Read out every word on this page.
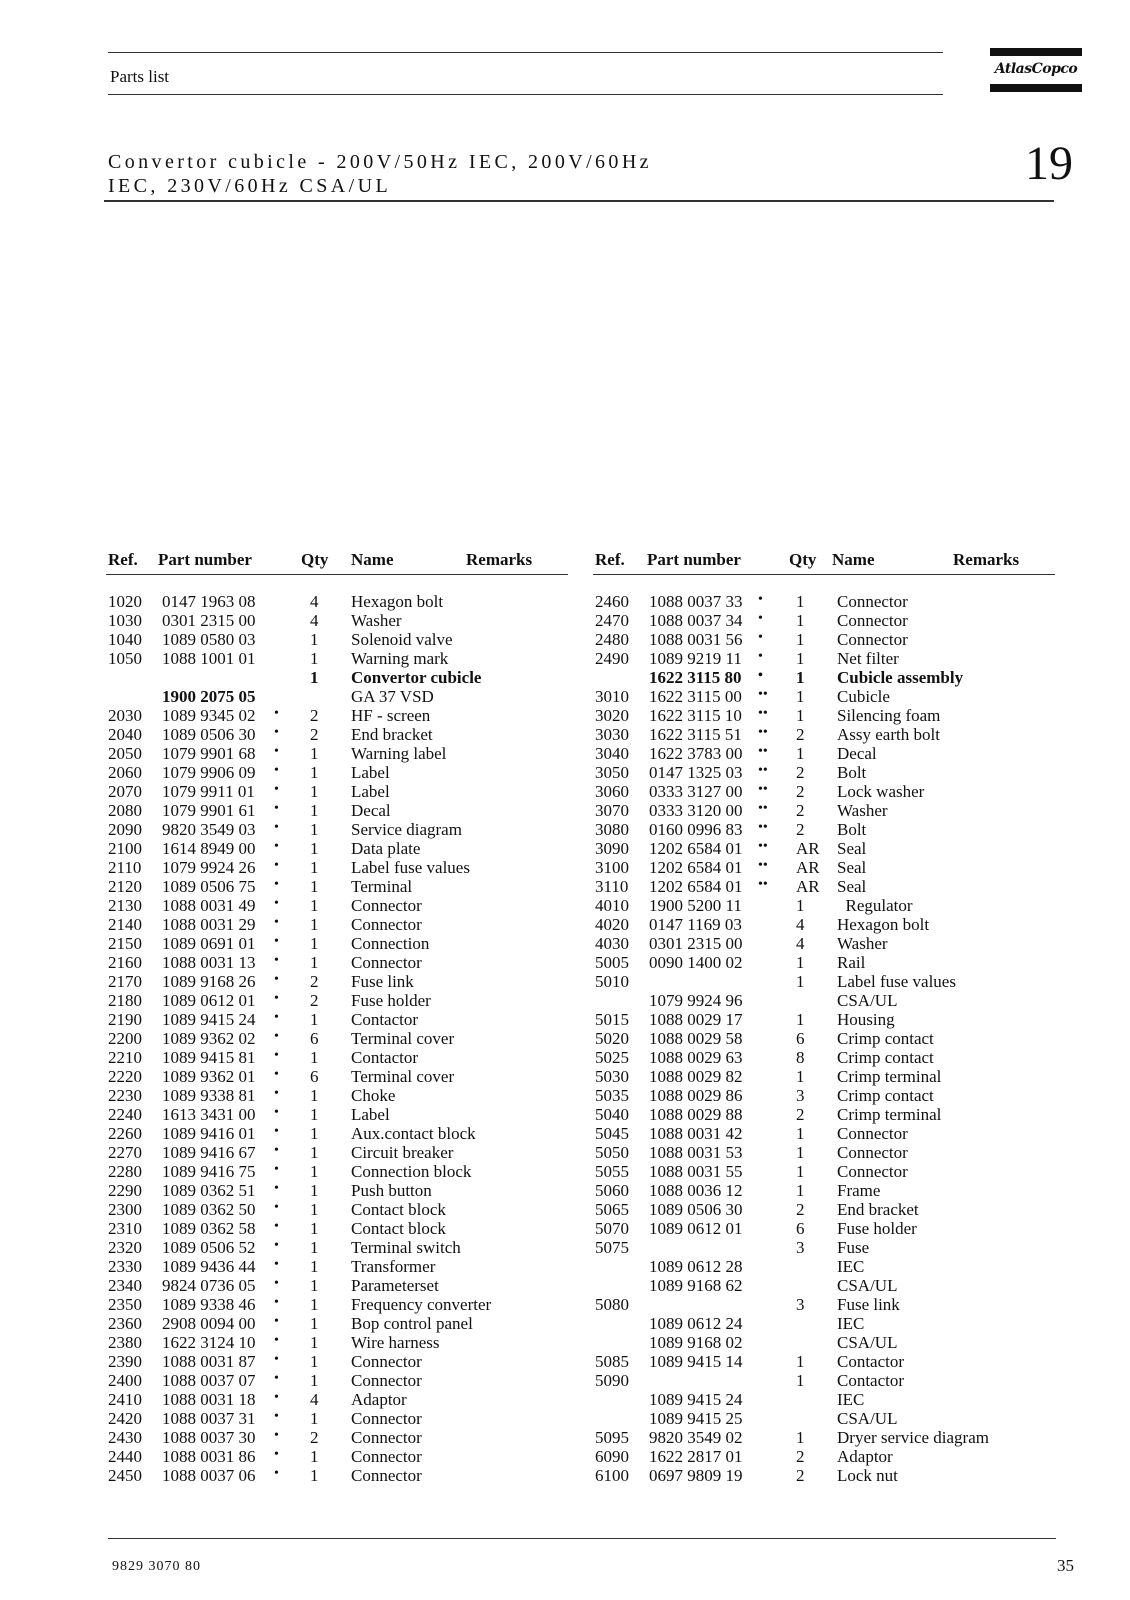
Parts list	AtlasCopco
Convertor cubicle - 200V/50Hz IEC, 200V/60Hz
IEC, 230V/60Hz CSA/UL	19
Ref. Part number	Qty Name	Remarks
1020 0147 1963 08	4 Hexagon bolt
1030 0301 2315 00	4 Washer
1040 1089 0580 03	1 Solenoid valve
1050 1088 1001 01	1 Warning mark
1 Convertor cubicle
1900 2075 05	GA 37 VSD
2030 1089 9345 02 • 2 HF - screen
2040 1089 0506 30 • 2 End bracket
2050 1079 9901 68 • 1 Warning label
2060 1079 9906 09 • 1 Label
2070 1079 9911 01 • 1 Label
2080 1079 9901 61 • 1 Decal
2090 9820 3549 03 • 1 Service diagram
2100 1614 8949 00 • 1 Data plate
2110 1079 9924 26 • 1 Label fuse values
2120 1089 0506 75 • 1 Terminal
2130 1088 0031 49 • 1 Connector
2140 1088 0031 29 • 1 Connector
2150 1089 0691 01 • 1 Connection
2160 1088 0031 13 • 1 Connector
2170 1089 9168 26 • 2 Fuse link
2180 1089 0612 01 • 2 Fuse holder
2190 1089 9415 24 • 1 Contactor
2200 1089 9362 02 • 6 Terminal cover
2210 1089 9415 81 • 1 Contactor
2220 1089 9362 01 • 6 Terminal cover
2230 1089 9338 81 • 1 Choke
2240 1613 3431 00 • 1 Label
2260 1089 9416 01 • 1 Aux.contact block
2270 1089 9416 67 • 1 Circuit breaker
2280 1089 9416 75 • 1 Connection block
2290 1089 0362 51 • 1 Push button
2300 1089 0362 50 • 1 Contact block
2310 1089 0362 58 • 1 Contact block
2320 1089 0506 52 • 1 Terminal switch
2330 1089 9436 44 • 1 Transformer
2340 9824 0736 05 • 1 Parameterset
2350 1089 9338 46 • 1 Frequency converter
2360 2908 0094 00 • 1 Bop control panel
2380 1622 3124 10 • 1 Wire harness
2390 1088 0031 87 • 1 Connector
2400 1088 0037 07 • 1 Connector
2410 1088 0031 18 • 4 Adaptor
2420 1088 0037 31 • 1 Connector
2430 1088 0037 30 • 2 Connector
2440 1088 0031 86 • 1 Connector
2450 1088 0037 06 • 1 Connector
Ref. Part number	Qty Name	Remarks
2460 1088 0037 33 • 1 Connector
2470 1088 0037 34 • 1 Connector
2480 1088 0031 56 • 1 Connector
2490 1089 9219 11 • 1 Net filter
1622 3115 80 • 1 Cubicle assembly
3010 1622 3115 00 •• 1 Cubicle
3020 1622 3115 10 •• 1 Silencing foam
3030 1622 3115 51 •• 2 Assy earth bolt
3040 1622 3783 00 •• 1 Decal
3050 0147 1325 03 •• 2 Bolt
3060 0333 3127 00 •• 2 Lock washer
3070 0333 3120 00 •• 2 Washer
3080 0160 0996 83 •• 2 Bolt
3090 1202 6584 01 •• AR Seal
3100 1202 6584 01 •• AR Seal
3110 1202 6584 01 •• AR Seal
4010 1900 5200 11	1 Regulator
4020 0147 1169 03	4 Hexagon bolt
4030 0301 2315 00	4 Washer
5005 0090 1400 02	1 Rail
5010	1 Label fuse values
1079 9924 96	CSA/UL
5015 1088 0029 17	1 Housing
5020 1088 0029 58	6 Crimp contact
5025 1088 0029 63	8 Crimp contact
5030 1088 0029 82	1 Crimp terminal
5035 1088 0029 86	3 Crimp contact
5040 1088 0029 88	2 Crimp terminal
5045 1088 0031 42	1 Connector
5050 1088 0031 53	1 Connector
5055 1088 0031 55	1 Connector
5060 1088 0036 12	1 Frame
5065 1089 0506 30	2 End bracket
5070 1089 0612 01	6 Fuse holder
5075	3 Fuse
1089 0612 28	IEC
1089 9168 62	CSA/UL
5080	3 Fuse link
1089 0612 24	IEC
1089 9168 02	CSA/UL
5085 1089 9415 14	1 Contactor
5090	1 Contactor
1089 9415 24	IEC
1089 9415 25	CSA/UL
5095 9820 3549 02	1 Dryer service diagram
6090 1622 2817 01	2 Adaptor
6100 0697 9809 19	2 Lock nut
9829 3070 80	35
